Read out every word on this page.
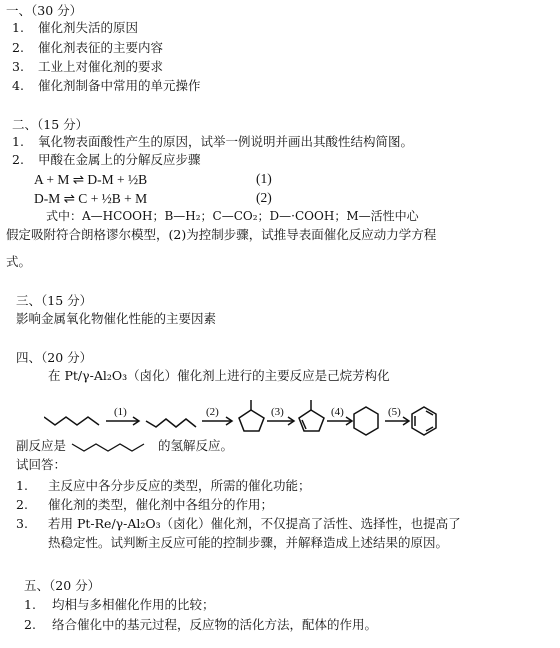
一、（30 分）
1. 催化剂失活的原因
2. 催化剂表征的主要内容
3. 工业上对催化剂的要求
4. 催化剂制备中常用的单元操作
二、（15 分）
1. 氧化物表面酸性产生的原因，试举一例说明并画出其酸性结构简图。
2. 甲酸在金属上的分解反应步骤
A + M ⇌ D-M + ½B	(1)
D-M ⇌ C + ½B + M	(2)
式中：A—HCOOH；B—H₂；C—CO₂；D—·COOH；M—活性中心
假定吸附符合朗格谬尔模型，(2)为控制步骤，试推导表面催化反应动力学方程
式。
三、（15 分）
影响金属氧化物催化性能的主要因素
四、（20 分）
在 Pt/γ-Al₂O₃（卤化）催化剂上进行的主要反应是己烷芳构化
(1)	(2)	(3)	(4)	(5)
副反应是	的氢解反应。
试回答：
1. 主反应中各分步反应的类型，所需的催化功能；
2. 催化剂的类型，催化剂中各组分的作用；
3. 若用 Pt-Re/γ-Al₂O₃（卤化）催化剂，不仅提高了活性、选择性，也提高了
热稳定性。试判断主反应可能的控制步骤，并解释造成上述结果的原因。
五、（20 分）
1. 均相与多相催化作用的比较；
2. 络合催化中的基元过程，反应物的活化方法，配体的作用。
